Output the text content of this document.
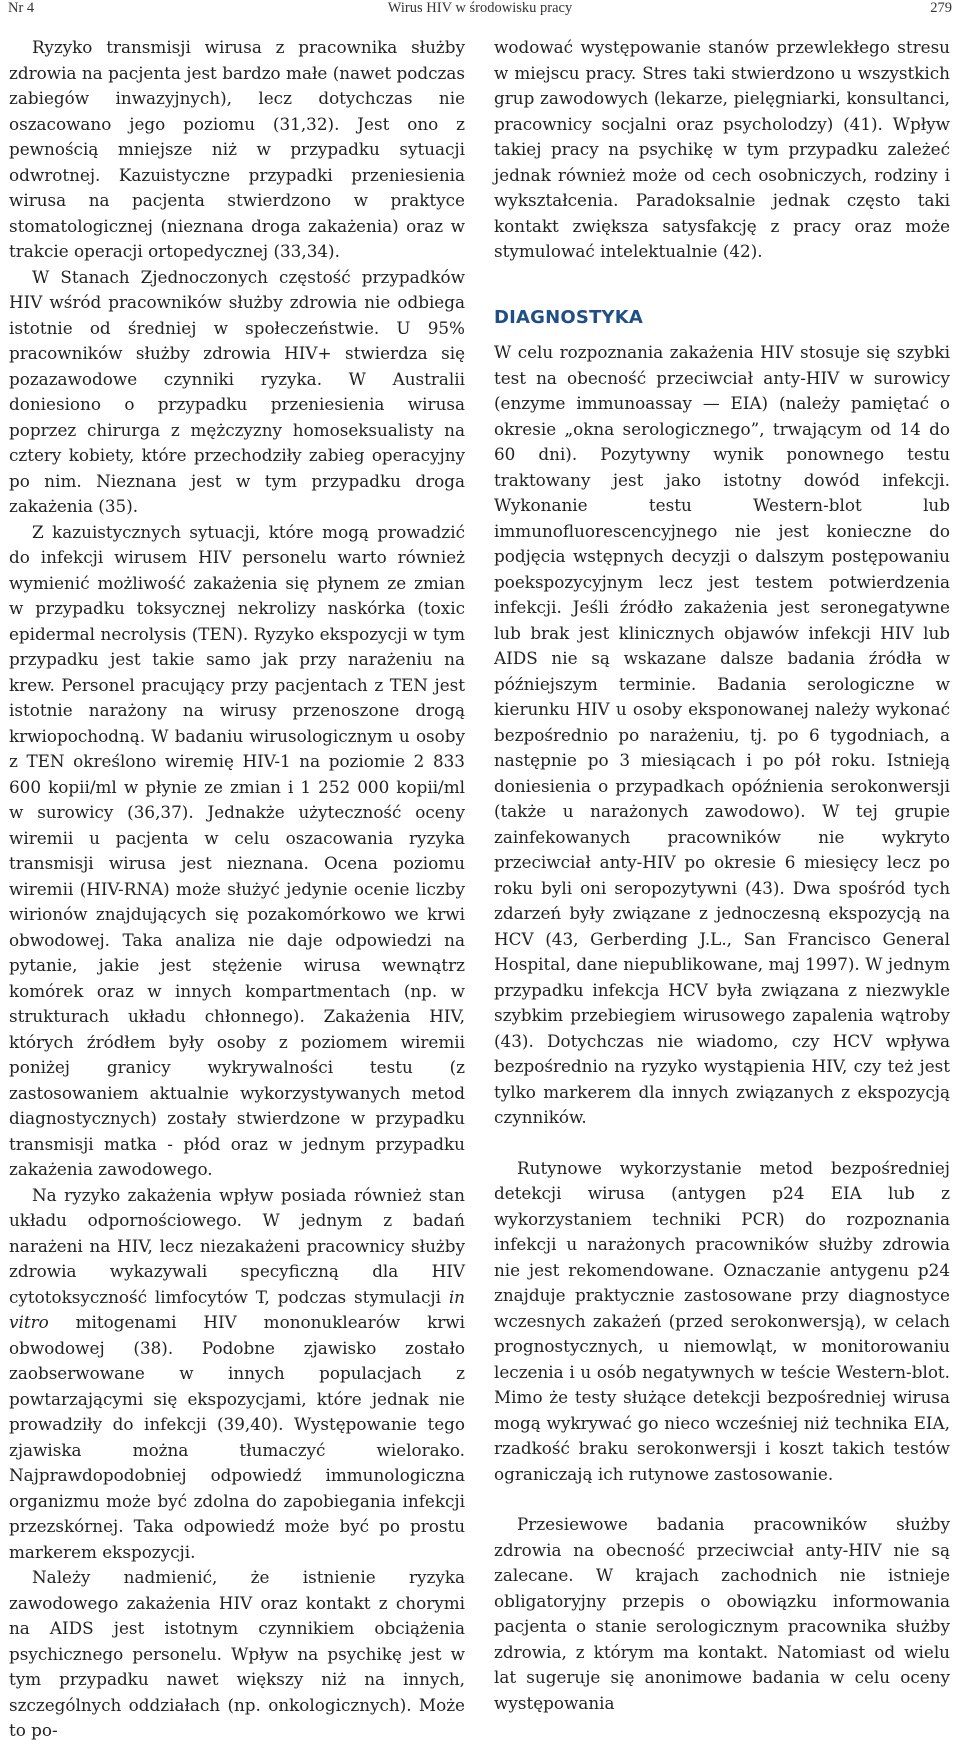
Nr 4	Wirus HIV w środowisku pracy	279

Ryzyko transmisji wirusa z pracownika służby zdrowia na pacjenta jest bardzo małe (nawet podczas zabiegów inwazyjnych), lecz dotychczas nie oszacowano jego poziomu (31,32). Jest ono z pewnością mniejsze niż w przypadku sytuacji odwrotnej. Kazuistyczne przypadki przeniesienia wirusa na pacjenta stwierdzono w praktyce stomatologicznej (nieznana droga zakażenia) oraz w trakcie operacji ortopedycznej (33,34).

W Stanach Zjednoczonych częstość przypadków HIV wśród pracowników służby zdrowia nie odbiega istotnie od średniej w społeczeństwie. U 95% pracowników służby zdrowia HIV+ stwierdza się pozazawodowe czynniki ryzyka. W Australii doniesiono o przypadku przeniesienia wirusa poprzez chirurga z mężczyzny homoseksualisty na cztery kobiety, które przechodziły zabieg operacyjny po nim. Nieznana jest w tym przypadku droga zakażenia (35).

Z kazuistycznych sytuacji, które mogą prowadzić do infekcji wirusem HIV personelu warto również wymienić możliwość zakażenia się płynem ze zmian w przypadku toksycznej nekrolizy naskórka (toxic epidermal necrolysis (TEN). Ryzyko ekspozycji w tym przypadku jest takie samo jak przy narażeniu na krew. Personel pracujący przy pacjentach z TEN jest istotnie narażony na wirusy przenoszone drogą krwiopochodną. W badaniu wirusologicznym u osoby z TEN określono wiremię HIV-1 na poziomie 2 833 600 kopii/ml w płynie ze zmian i 1 252 000 kopii/ml w surowicy (36,37). Jednakże użyteczność oceny wiremii u pacjenta w celu oszacowania ryzyka transmisji wirusa jest nieznana. Ocena poziomu wiremii (HIV-RNA) może służyć jedynie ocenie liczby wirionów znajdujących się pozakomórkowo we krwi obwodowej. Taka analiza nie daje odpowiedzi na pytanie, jakie jest stężenie wirusa wewnątrz komórek oraz w innych kompartmentach (np. w strukturach układu chłonnego). Zakażenia HIV, których źródłem były osoby z poziomem wiremii poniżej granicy wykrywalności testu (z zastosowaniem aktualnie wykorzystywanych metod diagnostycznych) zostały stwierdzone w przypadku transmisji matka - płód oraz w jednym przypadku zakażenia zawodowego.

Na ryzyko zakażenia wpływ posiada również stan układu odpornościowego. W jednym z badań narażeni na HIV, lecz niezakażeni pracownicy służby zdrowia wykazywali specyficzną dla HIV cytotoksyczność limfocytów T, podczas stymulacji in vitro mitogenami HIV mononuklearów krwi obwodowej (38). Podobne zjawisko zostało zaobserwowane w innych populacjach z powtarzającymi się ekspozycjami, które jednak nie prowadziły do infekcji (39,40). Występowanie tego zjawiska można tłumaczyć wielorako. Najprawdopodobniej odpowiedź immunologiczna organizmu może być zdolna do zapobiegania infekcji przezskórnej. Taka odpowiedź może być po prostu markerem ekspozycji.

Należy nadmienić, że istnienie ryzyka zawodowego zakażenia HIV oraz kontakt z chorymi na AIDS jest istotnym czynnikiem obciążenia psychicznego personelu. Wpływ na psychikę jest w tym przypadku nawet większy niż na innych, szczególnych oddziałach (np. onkologicznych). Może to po-

wodować występowanie stanów przewlekłego stresu w miejscu pracy. Stres taki stwierdzono u wszystkich grup zawodowych (lekarze, pielęgniarki, konsultanci, pracownicy socjalni oraz psycholodzy) (41). Wpływ takiej pracy na psychikę w tym przypadku zależeć jednak również może od cech osobniczych, rodziny i wykształcenia. Paradoksalnie jednak często taki kontakt zwiększa satysfakcję z pracy oraz może stymulować intelektualnie (42).

DIAGNOSTYKA

W celu rozpoznania zakażenia HIV stosuje się szybki test na obecność przeciwciał anty-HIV w surowicy (enzyme immunoassay — EIA) (należy pamiętać o okresie „okna serologicznego”, trwającym od 14 do 60 dni). Pozytywny wynik ponownego testu traktowany jest jako istotny dowód infekcji. Wykonanie testu Western-blot lub immunofluorescencyjnego nie jest konieczne do podjęcia wstępnych decyzji o dalszym postępowaniu poekspozycyjnym lecz jest testem potwierdzenia infekcji. Jeśli źródło zakażenia jest seronegatywne lub brak jest klinicznych objawów infekcji HIV lub AIDS nie są wskazane dalsze badania źródła w późniejszym terminie. Badania serologiczne w kierunku HIV u osoby eksponowanej należy wykonać bezpośrednio po narażeniu, tj. po 6 tygodniach, a następnie po 3 miesiącach i po pół roku. Istnieją doniesienia o przypadkach opóźnienia serokonwersji (także u narażonych zawodowo). W tej grupie zainfekowanych pracowników nie wykryto przeciwciał anty-HIV po okresie 6 miesięcy lecz po roku byli oni seropozytywni (43). Dwa spośród tych zdarzeń były związane z jednoczesną ekspozycją na HCV (43, Gerberding J.L., San Francisco General Hospital, dane niepublikowane, maj 1997). W jednym przypadku infekcja HCV była związana z niezwykle szybkim przebiegiem wirusowego zapalenia wątroby (43). Dotychczas nie wiadomo, czy HCV wpływa bezpośrednio na ryzyko wystąpienia HIV, czy też jest tylko markerem dla innych związanych z ekspozycją czynników.

Rutynowe wykorzystanie metod bezpośredniej detekcji wirusa (antygen p24 EIA lub z wykorzystaniem techniki PCR) do rozpoznania infekcji u narażonych pracowników służby zdrowia nie jest rekomendowane. Oznaczanie antygenu p24 znajduje praktycznie zastosowane przy diagnostyce wczesnych zakażeń (przed serokonwersją), w celach prognostycznych, u niemowląt, w monitorowaniu leczenia i u osób negatywnych w teście Western-blot. Mimo że testy służące detekcji bezpośredniej wirusa mogą wykrywać go nieco wcześniej niż technika EIA, rzadkość braku serokonwersji i koszt takich testów ograniczają ich rutynowe zastosowanie.

Przesiewowe badania pracowników służby zdrowia na obecność przeciwciał anty-HIV nie są zalecane. W krajach zachodnich nie istnieje obligatoryjny przepis o obowiązku informowania pacjenta o stanie serologicznym pracownika służby zdrowia, z którym ma kontakt. Natomiast od wielu lat sugeruje się anonimowe badania w celu oceny występowania
